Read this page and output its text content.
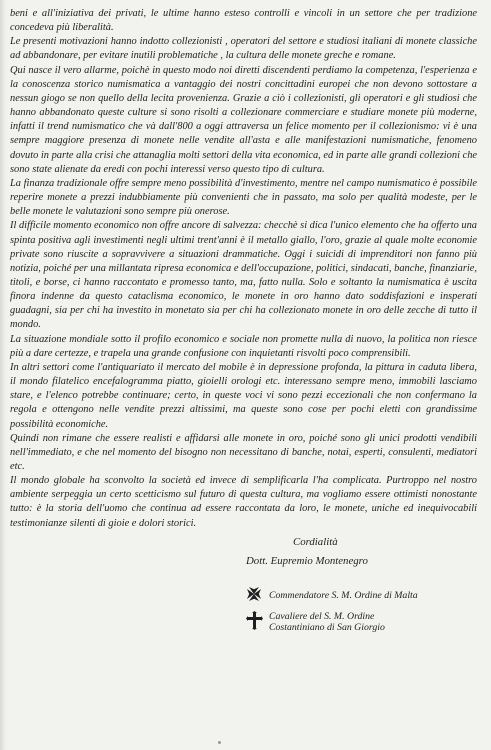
beni e all'iniziativa dei privati, le ultime hanno esteso controlli e vincoli in un settore che per tradizione concedeva più liberalità.

Le presenti motivazioni hanno indotto collezionisti , operatori del settore e studiosi italiani di monete classiche ad abbandonare, per evitare inutili problematiche , la cultura delle monete greche e romane.

Qui nasce il vero allarme, poichè in questo modo noi diretti discendenti perdiamo la competenza, l'esperienza e la conoscenza storico numismatica a vantaggio dei nostri concittadini europei che non devono sottostare a nessun giogo se non quello della lecita provenienza. Grazie a ciò i collezionisti, gli operatori e gli studiosi che hanno abbandonato queste culture si sono risolti a collezionare commerciare e studiare monete più moderne, infatti il trend numismatico che và dall'800 a oggi attraversa un felice momento per il collezionismo: vi è una sempre maggiore presenza di monete nelle vendite all'asta e alle manifestazioni numismatiche, fenomeno dovuto in parte alla crisi che attanaglia molti settori della vita economica, ed in parte alle grandi collezioni che sono state alienate da eredi con pochi interessi verso questo tipo di cultura.

La finanza tradizionale offre sempre meno possibilità d'investimento, mentre nel campo numismatico è possibile reperire monete a prezzi indubbiamente più convenienti che in passato, ma solo per qualità modeste, per le belle monete le valutazioni sono sempre più onerose.

Il difficile momento economico non offre ancore di salvezza: checchè si dica l'unico elemento che ha offerto una spinta positiva agli investimenti negli ultimi trent'anni è il metallo giallo, l'oro, grazie al quale molte economie private sono riuscite a sopravvivere a situazioni drammatiche. Oggi i suicidi di imprenditori non fanno più notizia, poiché per una millantata ripresa economica e dell'occupazione, politici, sindacati, banche, finanziarie, titoli, e borse, ci hanno raccontato e promesso tanto, ma, fatto nulla. Solo e soltanto la numismatica è uscita finora indenne da questo cataclisma economico, le monete in oro hanno dato soddisfazioni e insperati guadagni, sia per chi ha investito in monetato sia per chi ha collezionato monete in oro delle zecche di tutto il mondo.

La situazione mondiale sotto il profilo economico e sociale non promette nulla di nuovo, la politica non riesce più a dare certezze, e trapela una grande confusione con inquietanti risvolti poco comprensibili.

In altri settori come l'antiquariato il mercato del mobile è in depressione profonda, la pittura in caduta libera, il mondo filatelico encefalogramma piatto, gioielli orologi etc. interessano sempre meno, immobili lasciamo stare, e l'elenco potrebbe continuare; certo, in queste voci vi sono pezzi eccezionali che non confermano la regola e ottengono nelle vendite prezzi altissimi, ma queste sono cose per pochi eletti con grandissime possibilità economiche.

Quindi non rimane che essere realisti e affidarsi alle monete in oro, poiché sono gli unici prodotti vendibili nell'immediato, e che nel momento del bisogno non necessitano di banche, notai, esperti, consulenti, mediatori etc.

Il mondo globale ha sconvolto la società ed invece di semplificarla l'ha complicata. Purtroppo nel nostro ambiente serpeggia un certo scetticismo sul futuro di questa cultura, ma vogliamo essere ottimisti nonostante tutto: è la storia dell'uomo che continua ad essere raccontata da loro, le monete, uniche ed inequivocabili testimonianze silenti di gioie e dolori storici.

Cordialità
Dott. Eupremio Montenegro
Commendatore S. M. Ordine di Malta
Cavaliere del S. M. Ordine
Costantiniano di San Giorgio
